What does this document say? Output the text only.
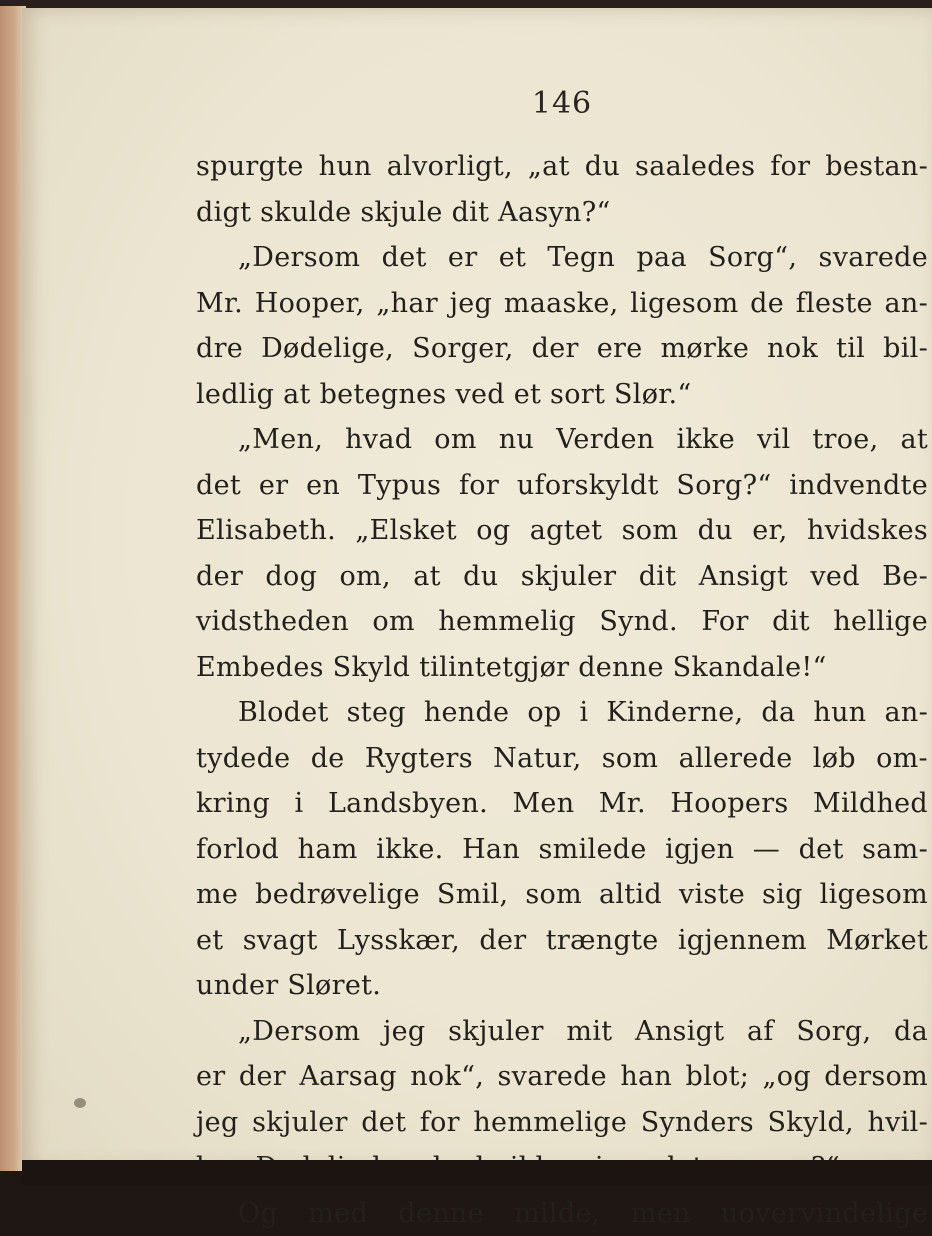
146
spurgte hun alvorligt, „at du saaledes for bestan-
digt skulde skjule dit Aasyn?“
„Dersom det er et Tegn paa Sorg“, svarede
Mr. Hooper, „har jeg maaske, ligesom de fleste an-
dre Dødelige, Sorger, der ere mørke nok til bil-
ledlig at betegnes ved et sort Slør.“
„Men, hvad om nu Verden ikke vil troe, at
det er en Typus for uforskyldt Sorg?“ indvendte
Elisabeth. „Elsket og agtet som du er, hvidskes
der dog om, at du skjuler dit Ansigt ved Be-
vidstheden om hemmelig Synd. For dit hellige
Embedes Skyld tilintetgjør denne Skandale!“
Blodet steg hende op i Kinderne, da hun an-
tydede de Rygters Natur, som allerede løb om-
kring i Landsbyen. Men Mr. Hoopers Mildhed
forlod ham ikke. Han smilede igjen — det sam-
me bedrøvelige Smil, som altid viste sig ligesom
et svagt Lysskær, der trængte igjennem Mørket
under Sløret.
„Dersom jeg skjuler mit Ansigt af Sorg, da
er der Aarsag nok“, svarede han blot; „og dersom
jeg skjuler det for hemmelige Synders Skyld, hvil-
Og med denne milde, men uovervindelige
